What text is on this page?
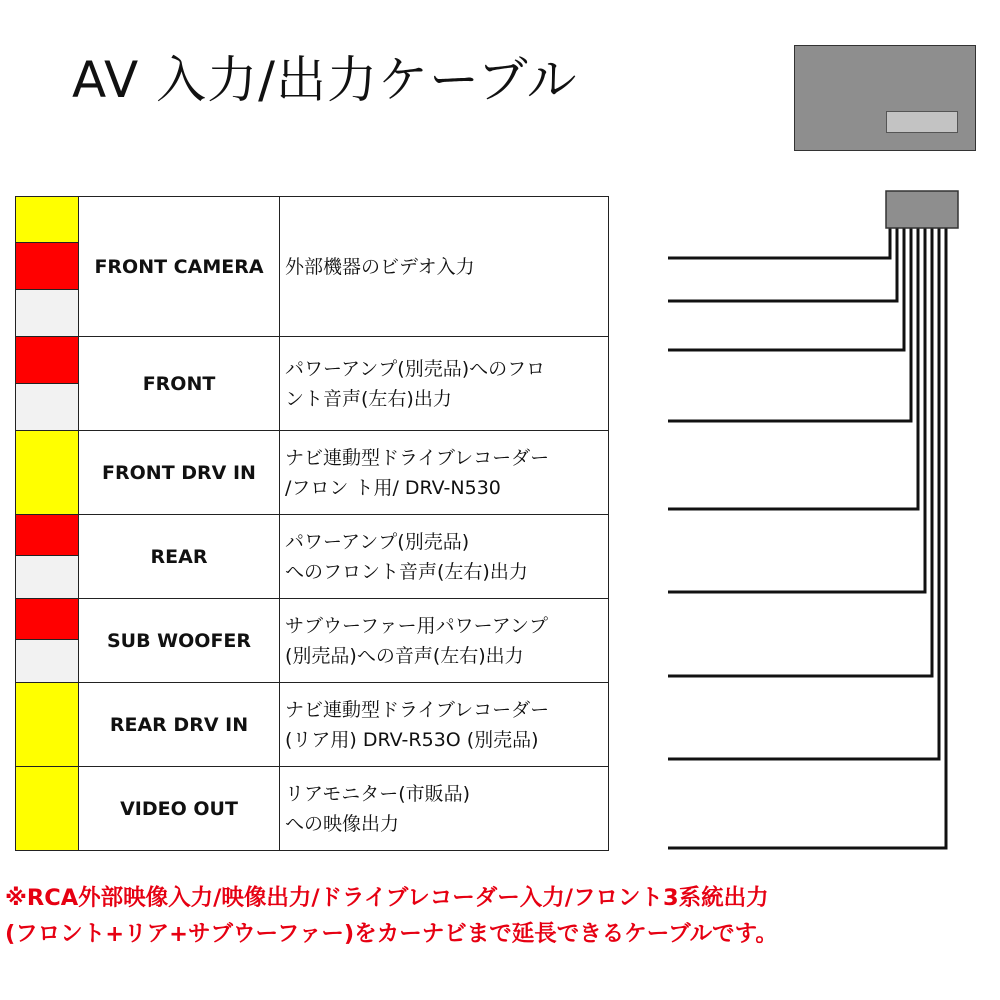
AV 入力/出力ケーブル
	FRONT CAMERA	外部機器のビデオ入力

	FRONT	パワーアンプ(別売品)へのフロ
ント音声(左右)出力

	FRONT DRV IN	ナビ連動型ドライブレコーダー
/フロン ト用/ DRV-N530
	REAR	パワーアンプ(別売品)
へのフロント音声(左右)出力

	SUB WOOFER	サブウーファー用パワーアンプ
(別売品)への音声(左右)出力

	REAR DRV IN	ナビ連動型ドライブレコーダー
(リア用) DRV-R53O (別売品)
	VIDEO OUT	リアモニター(市販品)
への映像出力
※RCA外部映像入力/映像出力/ドライブレコーダー入力/フロント3系統出力
(フロント+リア+サブウーファー)をカーナビまで延長できるケーブルです。
